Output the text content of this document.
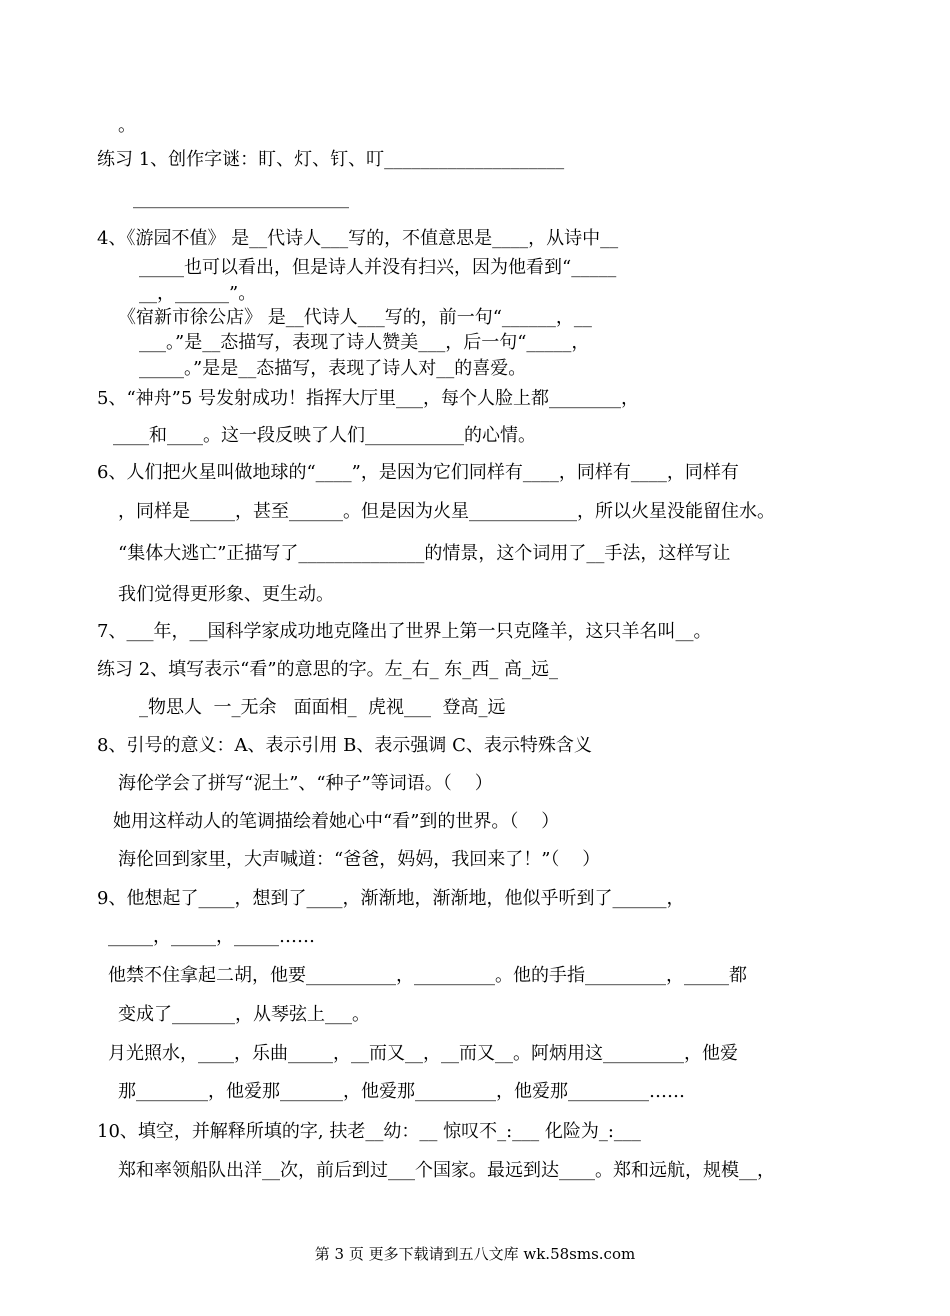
。
练习 1、创作字谜：盯、灯、钉、叮____________________
________________________
4、《游园不值》 是__代诗人___写的，不值意思是____，从诗中__
_____也可以看出，但是诗人并没有扫兴，因为他看到“_____
__，______”。
《宿新市徐公店》 是__代诗人___写的，前一句“______，__
___。”是__态描写，表现了诗人赞美___，后一句“_____，
_____。”是是__态描写，表现了诗人对__的喜爱。
5、“神舟”5 号发射成功！指挥大厅里___，每个人脸上都________，
____和____。这一段反映了人们___________的心情。
6、人们把火星叫做地球的“____”，是因为它们同样有____，同样有____，同样有
，同样是_____，甚至______。但是因为火星____________，所以火星没能留住水。
“集体大逃亡”正描写了______________的情景，这个词用了__手法，这样写让
我们觉得更形象、更生动。
7、___年，__国科学家成功地克隆出了世界上第一只克隆羊，这只羊名叫__。
练习 2、填写表示“看”的意思的字。左_右_ 东_西_ 高_远_
_物思人  一_无余   面面相_  虎视___  登高_远
8、引号的意义：A、表示引用 B、表示强调 C、表示特殊含义
海伦学会了拼写“泥土”、“种子”等词语。（    ）
她用这样动人的笔调描绘着她心中“看”到的世界。（    ）
海伦回到家里，大声喊道：“爸爸，妈妈，我回来了！”（    ）
9、他想起了____，想到了____，渐渐地，渐渐地，他似乎听到了______，
_____，_____，_____……
他禁不住拿起二胡，他要__________，_________。他的手指_________，_____都
变成了_______，从琴弦上___。
月光照水，____，乐曲_____，__而又__，__而又__。阿炳用这_________，他爱
那________，他爱那_______，他爱那_________，他爱那_________……
10、填空，并解释所填的字, 扶老__幼：__ 惊叹不_:___ 化险为_:___
郑和率领船队出洋__次，前后到过___个国家。最远到达____。郑和远航，规模__，
第 3 页 更多下载请到五八文库 wk.58sms.com
